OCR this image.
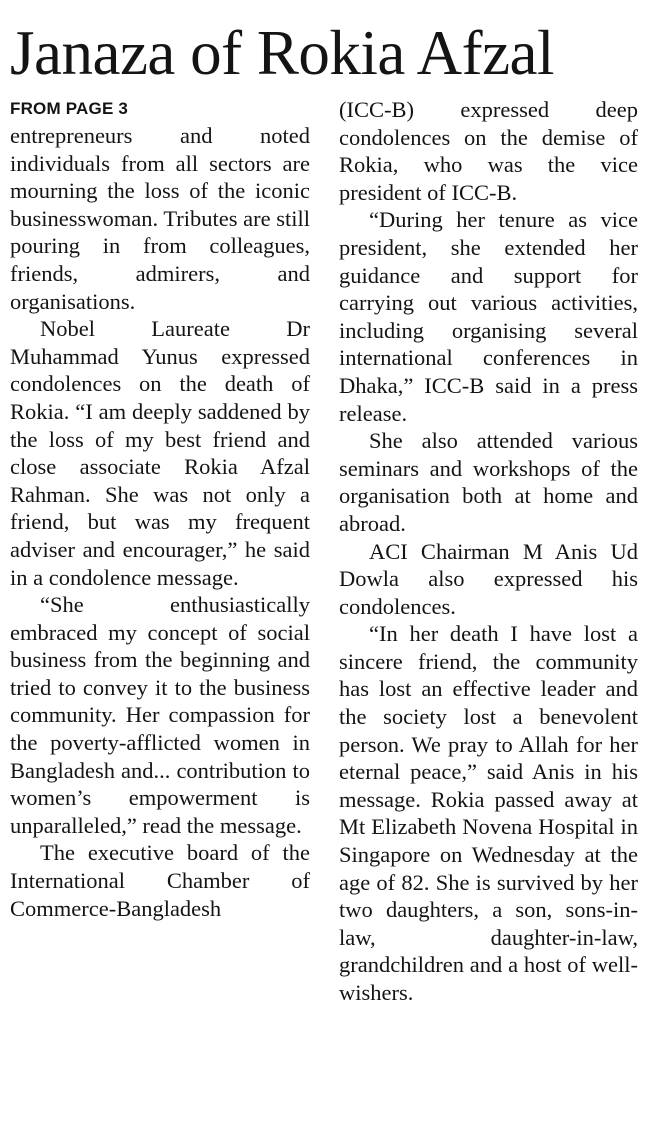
Janaza of Rokia Afzal
FROM PAGE 3

entrepreneurs and noted individuals from all sectors are mourning the loss of the iconic businesswoman. Tributes are still pouring in from colleagues, friends, admirers, and organisations.

Nobel Laureate Dr Muhammad Yunus expressed condolences on the death of Rokia. “I am deeply saddened by the loss of my best friend and close associate Rokia Afzal Rahman. She was not only a friend, but was my frequent adviser and encourager,” he said in a condolence message.

“She enthusiastically embraced my concept of social business from the beginning and tried to convey it to the business community. Her compassion for the poverty-afflicted women in Bangladesh and... contribution to women’s empowerment is unparalleled,” read the message.

The executive board of the International Chamber of Commerce-Bangladesh

(ICC-B) expressed deep condolences on the demise of Rokia, who was the vice president of ICC-B.

“During her tenure as vice president, she extended her guidance and support for carrying out various activities, including organising several international conferences in Dhaka,” ICC-B said in a press release.

She also attended various seminars and workshops of the organisation both at home and abroad.

ACI Chairman M Anis Ud Dowla also expressed his condolences.

“In her death I have lost a sincere friend, the community has lost an effective leader and the society lost a benevolent person. We pray to Allah for her eternal peace,” said Anis in his message. Rokia passed away at Mt Elizabeth Novena Hospital in Singapore on Wednesday at the age of 82. She is survived by her two daughters, a son, sons-in-law, daughter-in-law, grandchildren and a host of well-wishers.
